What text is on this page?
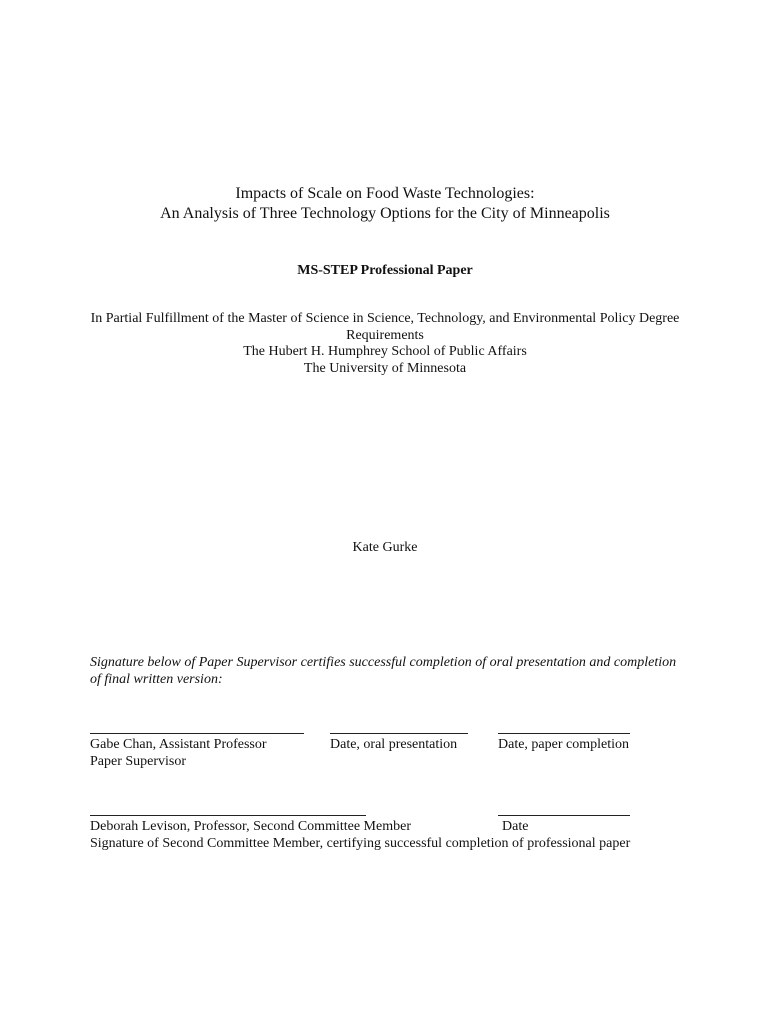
Impacts of Scale on Food Waste Technologies:
An Analysis of Three Technology Options for the City of Minneapolis
MS-STEP Professional Paper
In Partial Fulfillment of the Master of Science in Science, Technology, and Environmental Policy Degree
Requirements
The Hubert H. Humphrey School of Public Affairs
The University of Minnesota
Kate Gurke
Signature below of Paper Supervisor certifies successful completion of oral presentation and completion
of final written version:
Gabe Chan, Assistant Professor	Date, oral presentation	Date, paper completion
Paper Supervisor
Deborah Levison, Professor, Second Committee Member	Date
Signature of Second Committee Member, certifying successful completion of professional paper
